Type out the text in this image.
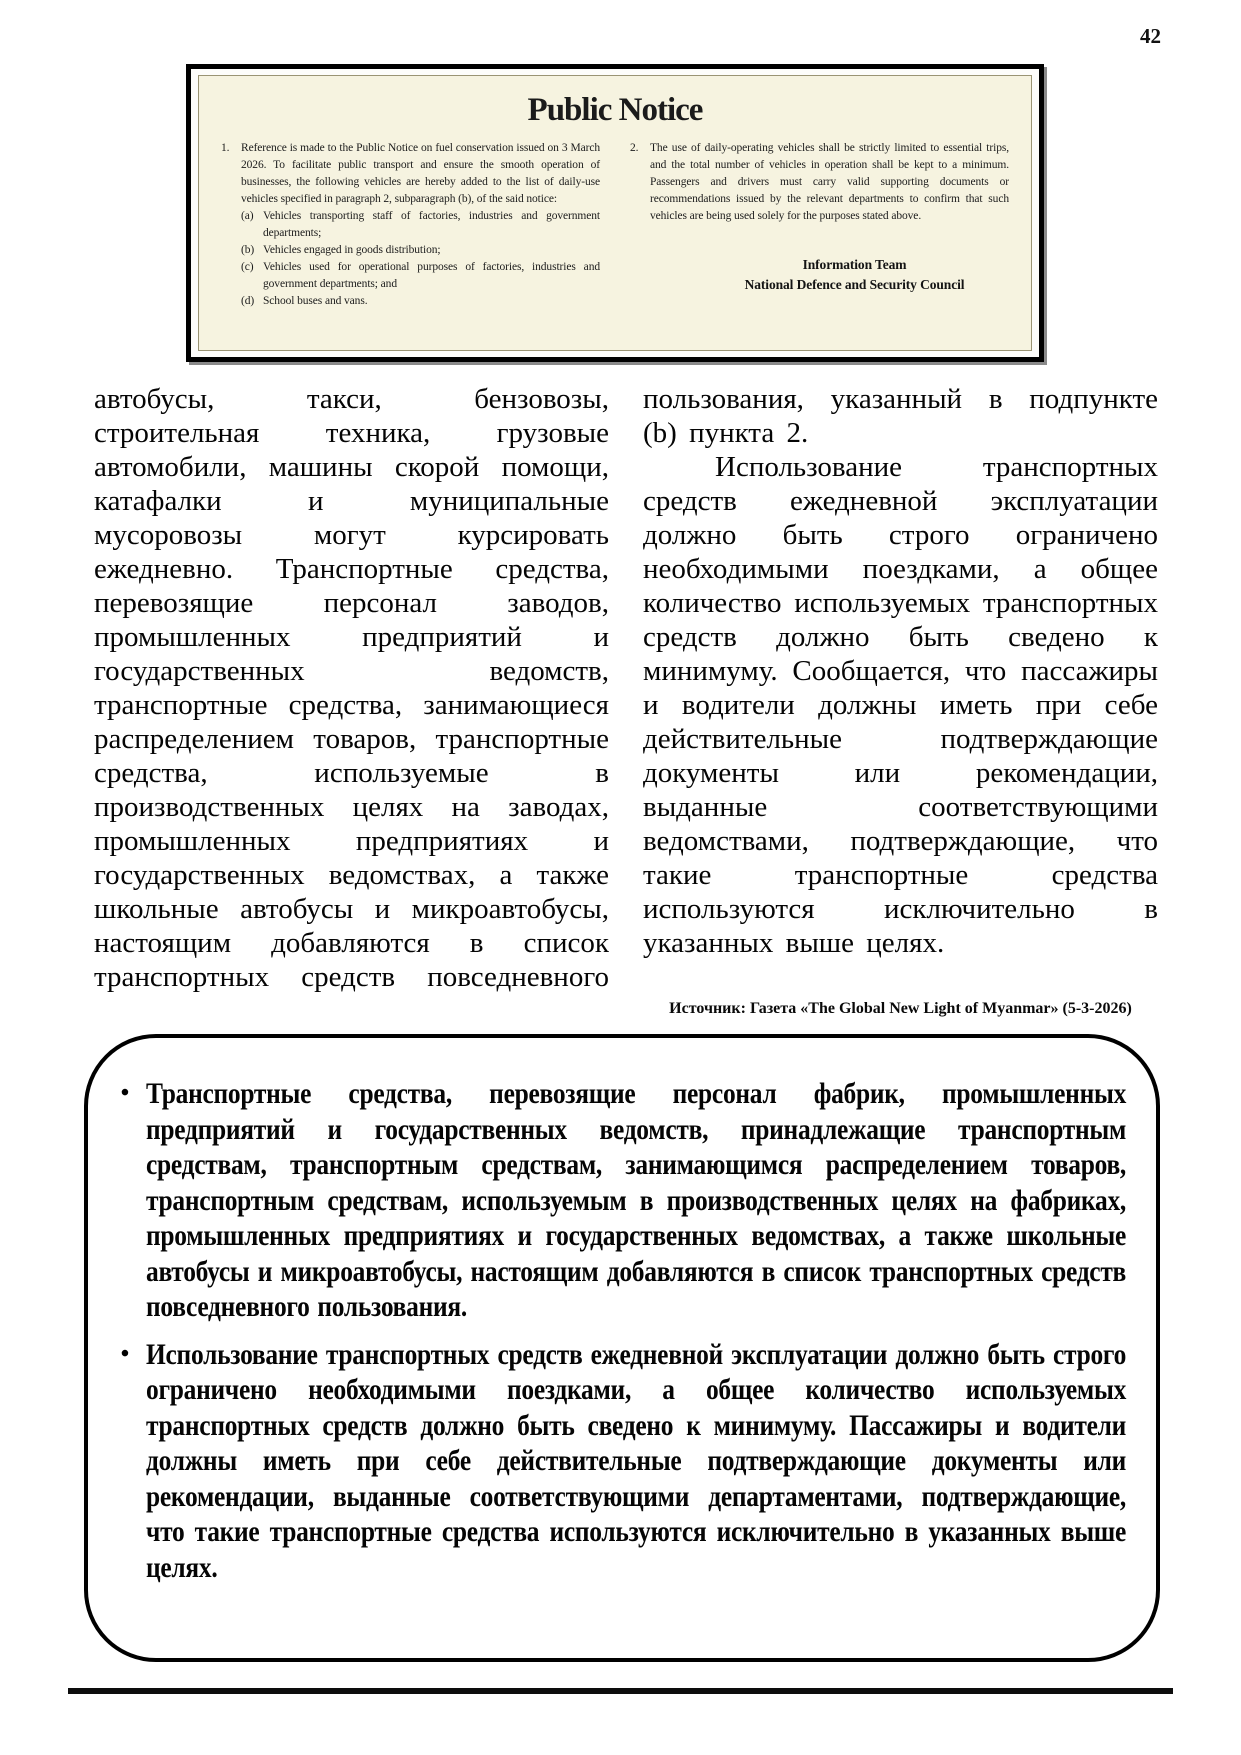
42
Public Notice
1.	Reference is made to the Public Notice on fuel conservation issued on 3 March 2026. To facilitate public transport and ensure the smooth operation of businesses, the following vehicles are hereby added to the list of daily-use vehicles specified in paragraph 2, subparagraph (b), of the said notice:

(a) Vehicles transporting staff of factories, industries and government departments;
(b) Vehicles engaged in goods distribution;
(c) Vehicles used for operational purposes of factories, industries and government departments; and
(d) School buses and vans.
2.	The use of daily-operating vehicles shall be strictly limited to essential trips, and the total number of vehicles in operation shall be kept to a minimum. Passengers and drivers must carry valid supporting documents or recommendations issued by the relevant departments to confirm that such vehicles are being used solely for the purposes stated above.

Information Team
National Defence and Security Council

автобусы, такси, бензовозы, строительная техника, грузовые автомобили, машины скорой помощи, катафалки и муниципальные мусоровозы могут курсировать ежедневно. Транспортные средства, перевозящие персонал заводов, промышленных предприятий и государственных ведомств, транспортные средства, занимающиеся распределением товаров, транспортные средства, используемые в производственных целях на заводах, промышленных предприятиях и государственных ведомствах, а также школьные автобусы и микроавтобусы, настоящим добавляются в список транспортных средств повседневного пользования, указанный в подпункте (b) пункта 2.

Использование транспортных средств ежедневной эксплуатации должно быть строго ограничено необходимыми поездками, а общее количество используемых транспортных средств должно быть сведено к минимуму. Сообщается, что пассажиры и водители должны иметь при себе действительные подтверждающие документы или рекомендации, выданные соответствующими ведомствами, подтверждающие, что такие транспортные средства используются исключительно в указанных выше целях.

Источник: Газета «The Global New Light of Myanmar» (5-3-2026)
• Транспортные средства, перевозящие персонал фабрик, промышленных предприятий и государственных ведомств, принадлежащие транспортным средствам, транспортным средствам, занимающимся распределением товаров, транспортным средствам, используемым в производственных целях на фабриках, промышленных предприятиях и государственных ведомствах, а также школьные автобусы и микроавтобусы, настоящим добавляются в список транспортных средств повседневного пользования.
• Использование транспортных средств ежедневной эксплуатации должно быть строго ограничено необходимыми поездками, а общее количество используемых транспортных средств должно быть сведено к минимуму. Пассажиры и водители должны иметь при себе действительные подтверждающие документы или рекомендации, выданные соответствующими департаментами, подтверждающие, что такие транспортные средства используются исключительно в указанных выше целях.
